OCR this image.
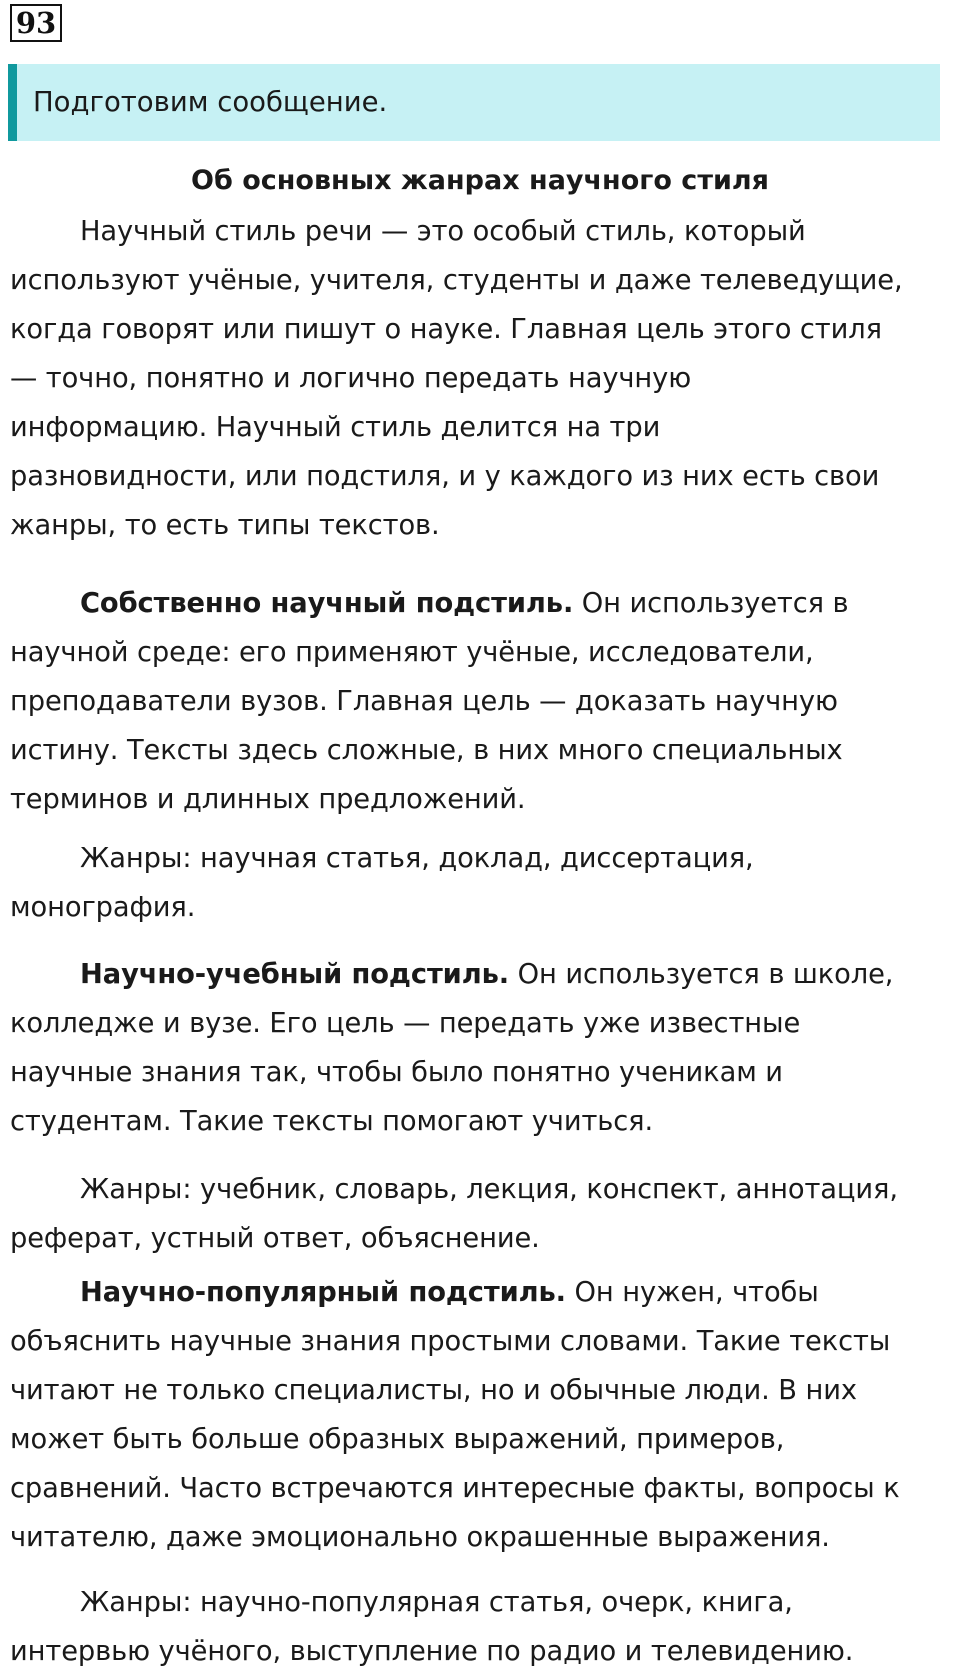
93
Подготовим сообщение.
Об основных жанрах научного стиля
Научный стиль речи — это особый стиль, который
используют учёные, учителя, студенты и даже телеведущие,
когда говорят или пишут о науке. Главная цель этого стиля
— точно, понятно и логично передать научную
информацию. Научный стиль делится на три
разновидности, или подстиля, и у каждого из них есть свои
жанры, то есть типы текстов.
Собственно научный подстиль. Он используется в
научной среде: его применяют учёные, исследователи,
преподаватели вузов. Главная цель — доказать научную
истину. Тексты здесь сложные, в них много специальных
терминов и длинных предложений.
Жанры: научная статья, доклад, диссертация,
монография.
Научно-учебный подстиль. Он используется в школе,
колледже и вузе. Его цель — передать уже известные
научные знания так, чтобы было понятно ученикам и
студентам. Такие тексты помогают учиться.
Жанры: учебник, словарь, лекция, конспект, аннотация,
реферат, устный ответ, объяснение.
Научно-популярный подстиль. Он нужен, чтобы
объяснить научные знания простыми словами. Такие тексты
читают не только специалисты, но и обычные люди. В них
может быть больше образных выражений, примеров,
сравнений. Часто встречаются интересные факты, вопросы к
читателю, даже эмоционально окрашенные выражения.
Жанры: научно-популярная статья, очерк, книга,
интервью учёного, выступление по радио и телевидению.
